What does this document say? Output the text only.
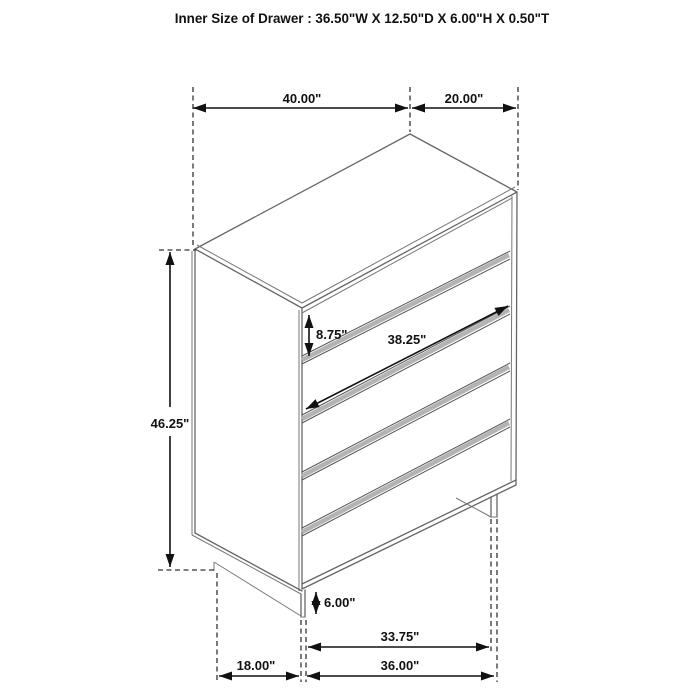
40.00"	20.00"
46.25"
8.75"	38.25"
6.00"
33.75"
18.00"	36.00"
Inner Size of Drawer : 36.50"W X 12.50"D X 6.00"H X 0.50"T
